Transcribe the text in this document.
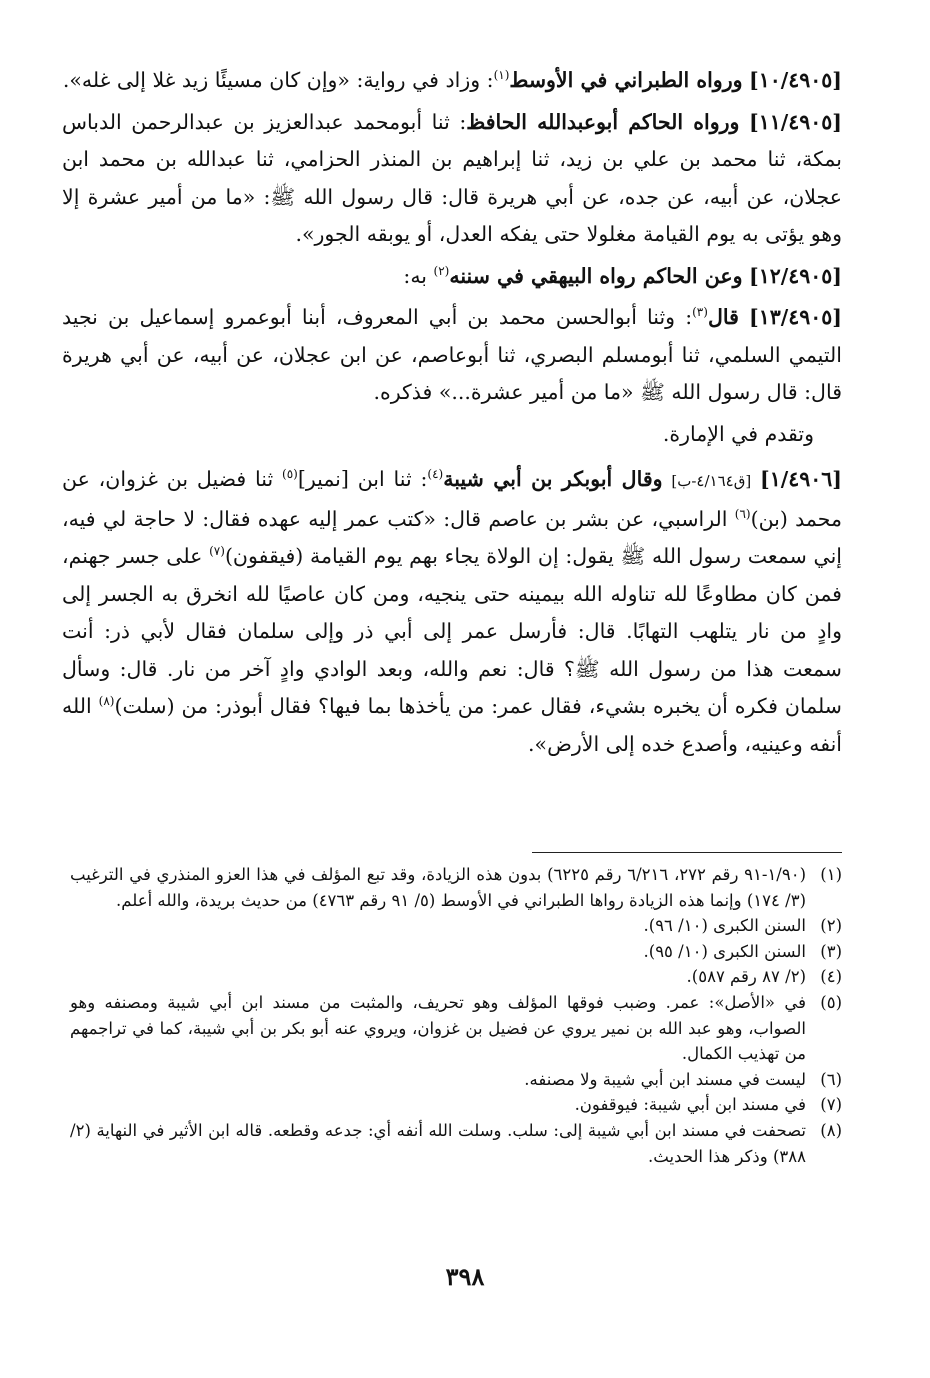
[١٠/٤٩٠٥] ورواه الطبراني في الأوسط$^{(١)}$: وزاد في رواية: «وإن كان مسيئًا زيد غلا إلى غله».

[١١/٤٩٠٥] ورواه الحاكم أبوعبدالله الحافظ: ثنا أبومحمد عبدالعزيز بن عبدالرحمن الدباس بمكة، ثنا محمد بن علي بن زيد، ثنا إبراهيم بن المنذر الحزامي، ثنا عبدالله بن محمد ابن عجلان، عن أبيه، عن جده، عن أبي هريرة قال: قال رسول الله ﷺ: «ما من أمير عشرة إلا وهو يؤتى به يوم القيامة مغلولا حتى يفكه العدل، أو يوبقه الجور».

[١٢/٤٩٠٥] وعن الحاكم رواه البيهقي في سننه$^{(٢)}$ به:

[١٣/٤٩٠٥] قال$^{(٣)}$: وثنا أبوالحسن محمد بن أبي المعروف، أبنا أبوعمرو إسماعيل بن نجيد التيمي السلمي، ثنا أبومسلم البصري، ثنا أبوعاصم، عن ابن عجلان، عن أبيه، عن أبي هريرة قال: قال رسول الله ﷺ «ما من أمير عشرة...» فذكره.

وتقدم في الإمارة.

[١/٤٩٠٦] [ق٤/١٦٤-ب] وقال أبوبكر بن أبي شيبة$^{(٤)}$: ثنا ابن [نمير]$^{(٥)}$ ثنا فضيل بن غزوان، عن محمد (بن)$^{(٦)}$ الراسبي، عن بشر بن عاصم قال: «كتب عمر إليه عهده فقال: لا حاجة لي فيه، إني سمعت رسول الله ﷺ يقول: إن الولاة يجاء بهم يوم القيامة (فيقفون)$^{(٧)}$ على جسر جهنم، فمن كان مطاوعًا لله تناوله الله بيمينه حتى ينجيه، ومن كان عاصيًا لله انخرق به الجسر إلى وادٍ من نار يتلهب التهابًا. قال: فأرسل عمر إلى أبي ذر وإلى سلمان فقال لأبي ذر: أنت سمعت هذا من رسول الله ﷺ؟ قال: نعم والله، وبعد الوادي وادٍ آخر من نار. قال: وسأل سلمان فكره أن يخبره بشيء، فقال عمر: من يأخذها بما فيها؟ فقال أبوذر: من (سلت)$^{(٨)}$ الله أنفه وعينيه، وأصدع خده إلى الأرض».

(١)(١/٩٠-٩١ رقم ٢٧٢، ٦/٢١٦ رقم ٦٢٢٥) بدون هذه الزيادة، وقد تبع المؤلف في هذا العزو المنذري في الترغيب (٣/ ١٧٤) وإنما هذه الزيادة رواها الطبراني في الأوسط (٥/ ٩١ رقم ٤٧٦٣) من حديث بريدة، والله أعلم.

(٢)السنن الكبرى (١٠/ ٩٦).

(٣)السنن الكبرى (١٠/ ٩٥).

(٤)(٢/ ٨٧ رقم ٥٨٧).

(٥)في «الأصل»: عمر. وضبب فوقها المؤلف وهو تحريف، والمثبت من مسند ابن أبي شيبة ومصنفه وهو الصواب، وهو عبد الله بن نمير يروي عن فضيل بن غزوان، ويروي عنه أبو بكر بن أبي شيبة، كما في تراجمهم من تهذيب الكمال.

(٦)ليست في مسند ابن أبي شيبة ولا مصنفه.

(٧)في مسند ابن أبي شيبة: فيوقفون.

(٨)تصحفت في مسند ابن أبي شيبة إلى: سلب. وسلت الله أنفه أي: جدعه وقطعه. قاله ابن الأثير في النهاية (٢/ ٣٨٨) وذكر هذا الحديث.

٣٩٨
